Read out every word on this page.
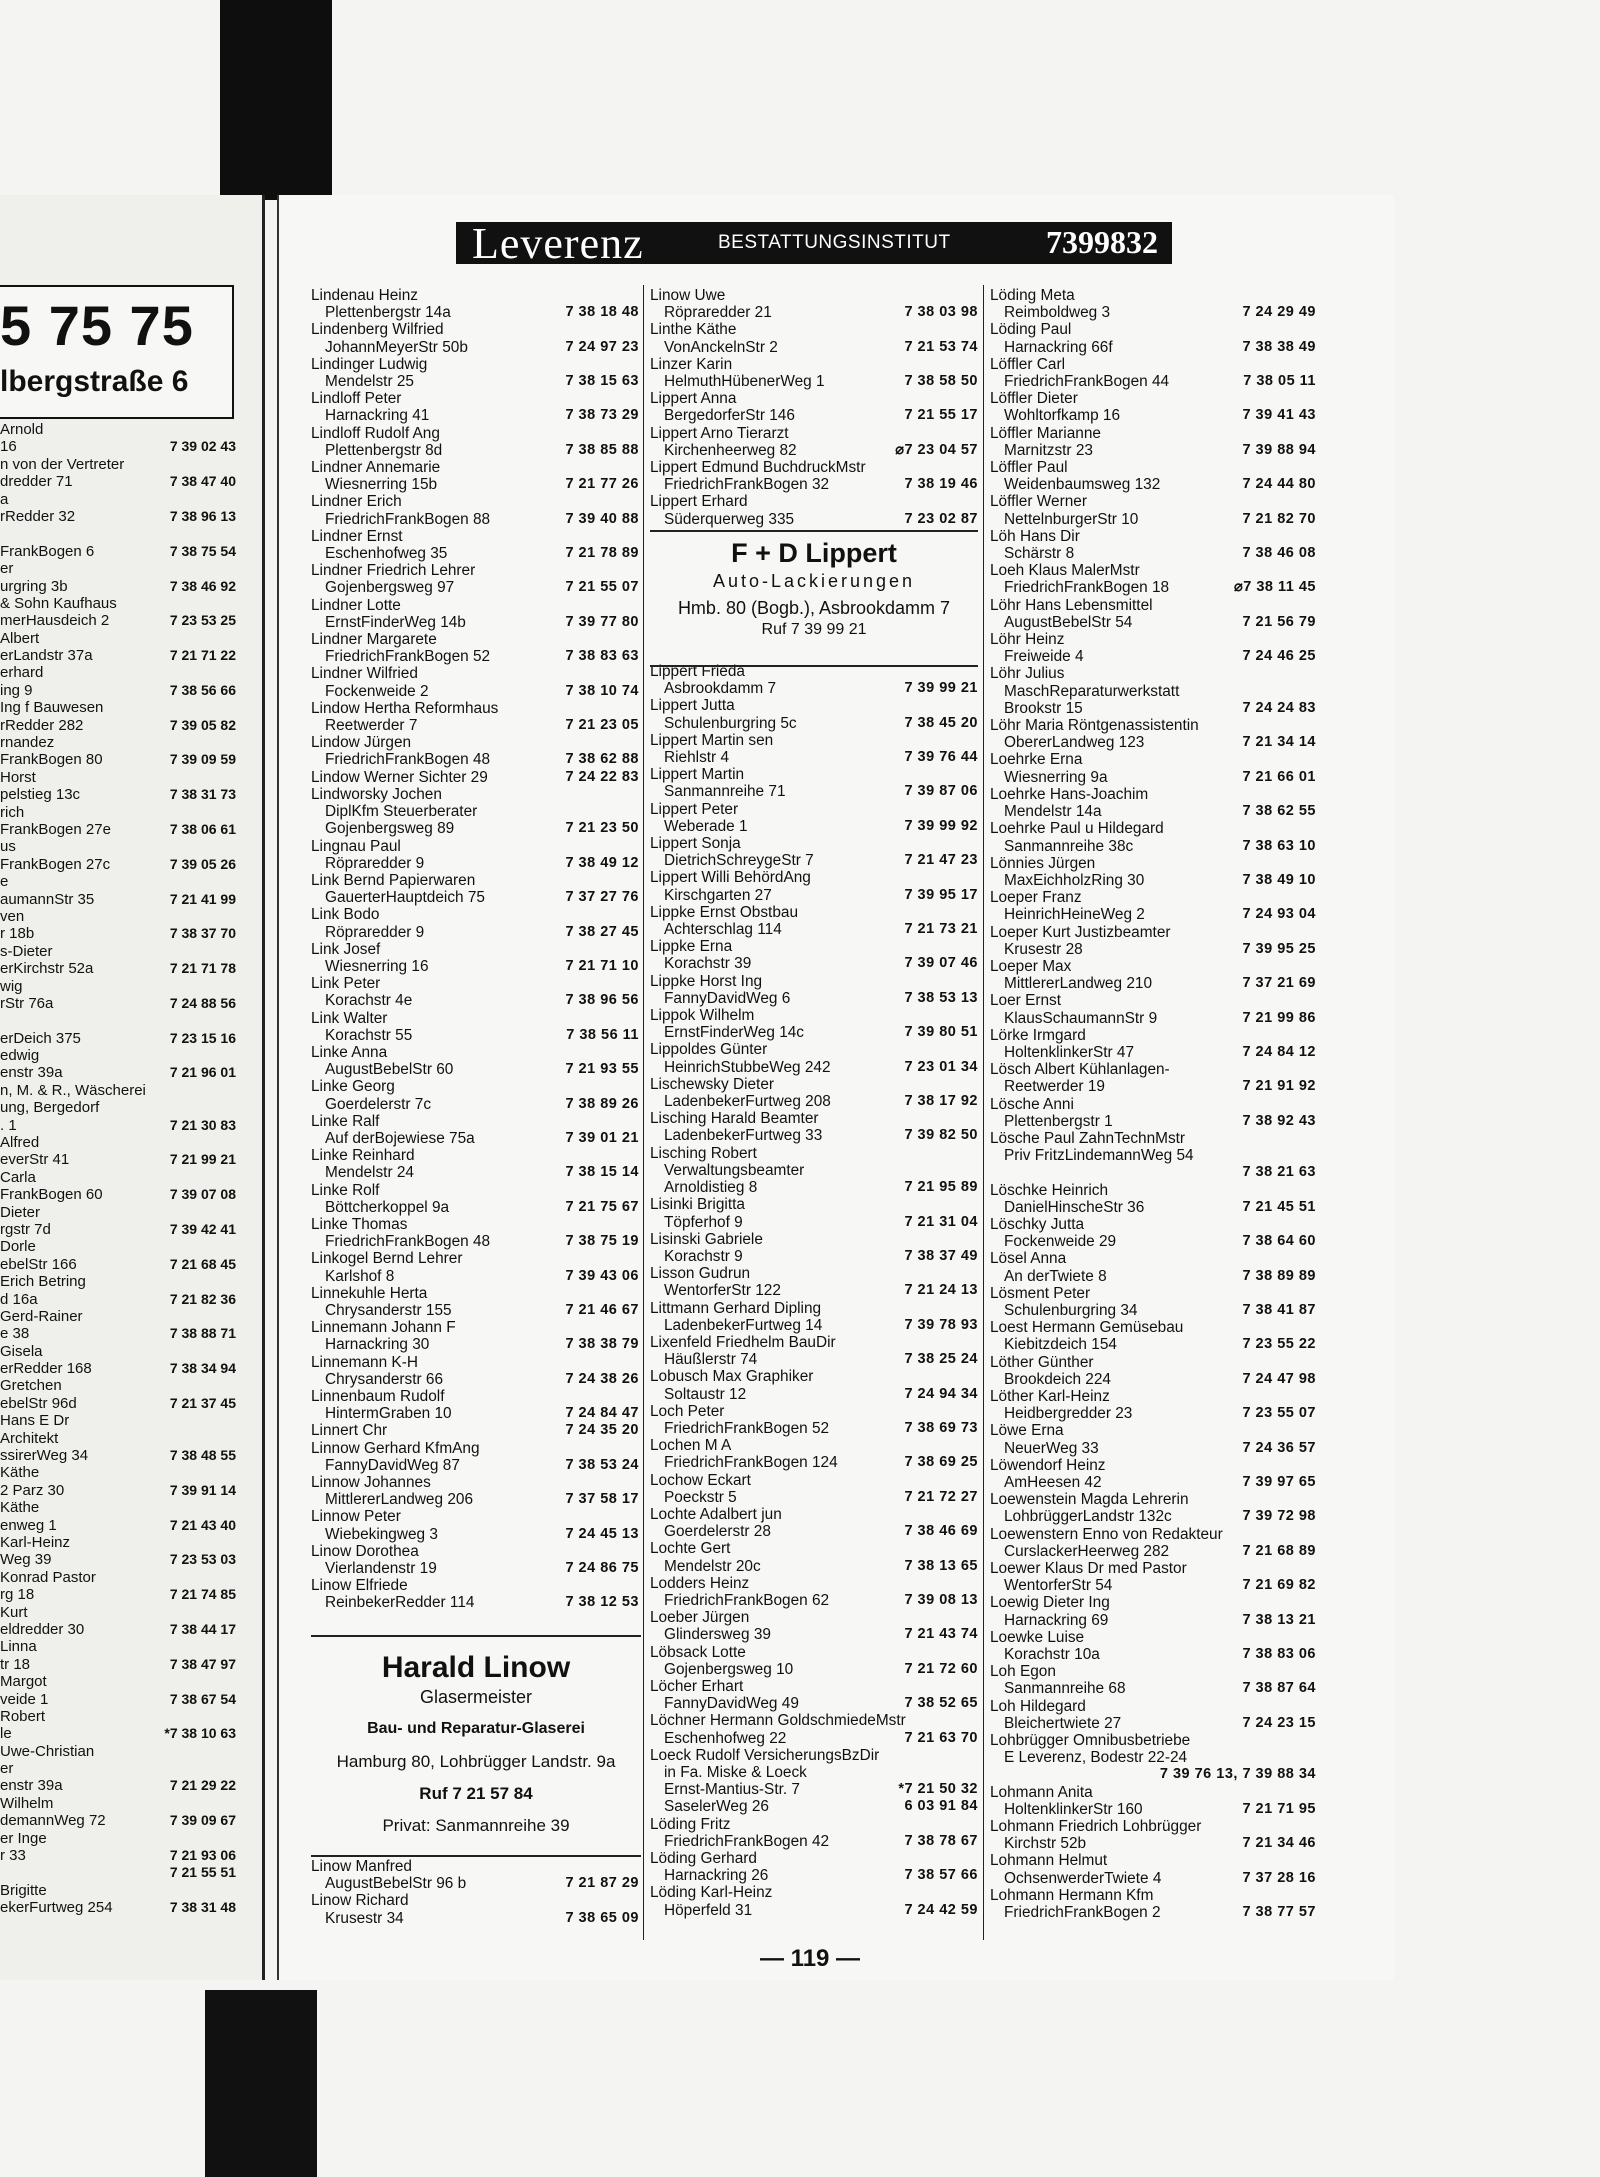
5 75 75
lbergstraße 6
Arnold
16	7 39 02 43
n von der Vertreter
dredder 71	7 38 47 40
a
rRedder 32	7 38 96 13
FrankBogen 6	7 38 75 54
er
urgring 3b	7 38 46 92
& Sohn Kaufhaus
merHausdeich 2	7 23 53 25
Albert
erLandstr 37a	7 21 71 22
erhard
ing 9	7 38 56 66
Ing f Bauwesen
rRedder 282	7 39 05 82
rnandez
FrankBogen 80	7 39 09 59
Horst
pelstieg 13c	7 38 31 73
rich
FrankBogen 27e	7 38 06 61
us
FrankBogen 27c	7 39 05 26
e
aumannStr 35	7 21 41 99
ven
r 18b	7 38 37 70
s-Dieter
erKirchstr 52a	7 21 71 78
wig
rStr 76a	7 24 88 56
erDeich 375	7 23 15 16
edwig
enstr 39a	7 21 96 01
n, M. & R., Wäscherei
ung, Bergedorf
. 1	7 21 30 83
Alfred
everStr 41	7 21 99 21
Carla
FrankBogen 60	7 39 07 08
Dieter
rgstr 7d	7 39 42 41
Dorle
ebelStr 166	7 21 68 45
Erich Betring
d 16a	7 21 82 36
Gerd-Rainer
e 38	7 38 88 71
Gisela
erRedder 168	7 38 34 94
Gretchen
ebelStr 96d	7 21 37 45
Hans E Dr
Architekt
ssirerWeg 34	7 38 48 55
Käthe
2 Parz 30	7 39 91 14
Käthe
enweg 1	7 21 43 40
Karl-Heinz
Weg 39	7 23 53 03
Konrad Pastor
rg 18	7 21 74 85
Kurt
eldredder 30	7 38 44 17
Linna
tr 18	7 38 47 97
Margot
veide 1	7 38 67 54
Robert
le	*7 38 10 63
Uwe-Christian
er
enstr 39a	7 21 29 22
Wilhelm
demannWeg 72	7 39 09 67
er Inge
r 33	7 21 93 06
7 21 55 51
Brigitte
ekerFurtweg 254	7 38 31 48
Leverenz	BESTATTUNGSINSTITUT	7399832
Lindenau Heinz
Plettenbergstr 14a	7 38 18 48
Lindenberg Wilfried
JohannMeyerStr 50b	7 24 97 23
Lindinger Ludwig
Mendelstr 25	7 38 15 63
Lindloff Peter
Harnackring 41	7 38 73 29
Lindloff Rudolf Ang
Plettenbergstr 8d	7 38 85 88
Lindner Annemarie
Wiesnerring 15b	7 21 77 26
Lindner Erich
FriedrichFrankBogen 88	7 39 40 88
Lindner Ernst
Eschenhofweg 35	7 21 78 89
Lindner Friedrich Lehrer
Gojenbergsweg 97	7 21 55 07
Lindner Lotte
ErnstFinderWeg 14b	7 39 77 80
Lindner Margarete
FriedrichFrankBogen 52	7 38 83 63
Lindner Wilfried
Fockenweide 2	7 38 10 74
Lindow Hertha Reformhaus
Reetwerder 7	7 21 23 05
Lindow Jürgen
FriedrichFrankBogen 48	7 38 62 88
Lindow Werner Sichter 29	7 24 22 83
Lindworsky Jochen
DiplKfm Steuerberater
Gojenbergsweg 89	7 21 23 50
Lingnau Paul
Röpraredder 9	7 38 49 12
Link Bernd Papierwaren
GauerterHauptdeich 75	7 37 27 76
Link Bodo
Röpraredder 9	7 38 27 45
Link Josef
Wiesnerring 16	7 21 71 10
Link Peter
Korachstr 4e	7 38 96 56
Link Walter
Korachstr 55	7 38 56 11
Linke Anna
AugustBebelStr 60	7 21 93 55
Linke Georg
Goerdelerstr 7c	7 38 89 26
Linke Ralf
Auf derBojewiese 75a	7 39 01 21
Linke Reinhard
Mendelstr 24	7 38 15 14
Linke Rolf
Böttcherkoppel 9a	7 21 75 67
Linke Thomas
FriedrichFrankBogen 48	7 38 75 19
Linkogel Bernd Lehrer
Karlshof 8	7 39 43 06
Linnekuhle Herta
Chrysanderstr 155	7 21 46 67
Linnemann Johann F
Harnackring 30	7 38 38 79
Linnemann K-H
Chrysanderstr 66	7 24 38 26
Linnenbaum Rudolf
HintermGraben 10	7 24 84 47
Linnert Chr	7 24 35 20
Linnow Gerhard KfmAng
FannyDavidWeg 87	7 38 53 24
Linnow Johannes
MittlererLandweg 206	7 37 58 17
Linnow Peter
Wiebekingweg 3	7 24 45 13
Linow Dorothea
Vierlandenstr 19	7 24 86 75
Linow Elfriede
ReinbekerRedder 114	7 38 12 53
Linow Uwe
Röpraredder 21	7 38 03 98
Linthe Käthe
VonAnckelnStr 2	7 21 53 74
Linzer Karin
HelmuthHübenerWeg 1	7 38 58 50
Lippert Anna
BergedorferStr 146	7 21 55 17
Lippert Arno Tierarzt
Kirchenheerweg 82	⌀7 23 04 57
Lippert Edmund BuchdruckMstr
FriedrichFrankBogen 32	7 38 19 46
Lippert Erhard
Süderquerweg 335	7 23 02 87
Löding Meta
Reimboldweg 3	7 24 29 49
Löding Paul
Harnackring 66f	7 38 38 49
Löffler Carl
FriedrichFrankBogen 44	7 38 05 11
Löffler Dieter
Wohltorfkamp 16	7 39 41 43
Löffler Marianne
Marnitzstr 23	7 39 88 94
Löffler Paul
Weidenbaumsweg 132	7 24 44 80
Löffler Werner
NettelnburgerStr 10	7 21 82 70
Löh Hans Dir
Schärstr 8	7 38 46 08
Loeh Klaus MalerMstr
FriedrichFrankBogen 18	⌀7 38 11 45
Löhr Hans Lebensmittel
AugustBebelStr 54	7 21 56 79
Löhr Heinz
Freiweide 4	7 24 46 25
Löhr Julius
MaschReparaturwerkstatt
Brookstr 15	7 24 24 83
Löhr Maria Röntgenassistentin
ObererLandweg 123	7 21 34 14
Loehrke Erna
Wiesnerring 9a	7 21 66 01
Loehrke Hans-Joachim
Mendelstr 14a	7 38 62 55
Loehrke Paul u Hildegard
Sanmannreihe 38c	7 38 63 10
Lönnies Jürgen
MaxEichholzRing 30	7 38 49 10
Loeper Franz
HeinrichHeineWeg 2	7 24 93 04
Loeper Kurt Justizbeamter
Krusestr 28	7 39 95 25
Loeper Max
MittlererLandweg 210	7 37 21 69
Loer Ernst
KlausSchaumannStr 9	7 21 99 86
Lörke Irmgard
HoltenklinkerStr 47	7 24 84 12
Lösch Albert Kühlanlagen-
Reetwerder 19	7 21 91 92
Lösche Anni
Plettenbergstr 1	7 38 92 43
Lösche Paul ZahnTechnMstr
Priv FritzLindemannWeg 54

7 38 21 63
Löschke Heinrich
DanielHinscheStr 36	7 21 45 51
Löschky Jutta
Fockenweide 29	7 38 64 60
Lösel Anna
An derTwiete 8	7 38 89 89
Lösment Peter
Schulenburgring 34	7 38 41 87
Loest Hermann Gemüsebau
Kiebitzdeich 154	7 23 55 22
Löther Günther
Brookdeich 224	7 24 47 98
Löther Karl-Heinz
Heidbergredder 23	7 23 55 07
Löwe Erna
NeuerWeg 33	7 24 36 57
Löwendorf Heinz
AmHeesen 42	7 39 97 65
Loewenstein Magda Lehrerin
LohbrüggerLandstr 132c	7 39 72 98
Loewenstern Enno von Redakteur
CurslackerHeerweg 282	7 21 68 89
Loewer Klaus Dr med Pastor
WentorferStr 54	7 21 69 82
Loewig Dieter Ing
Harnackring 69	7 38 13 21
Loewke Luise
Korachstr 10a	7 38 83 06
Loh Egon
Sanmannreihe 68	7 38 87 64
Loh Hildegard
Bleichertwiete 27	7 24 23 15
Lohbrügger Omnibusbetriebe
E Leverenz, Bodestr 22-24

7 39 76 13, 7 39 88 34
Lohmann Anita
HoltenklinkerStr 160	7 21 71 95
Lohmann Friedrich Lohbrügger
Kirchstr 52b	7 21 34 46
Lohmann Helmut
OchsenwerderTwiete 4	7 37 28 16
Lohmann Hermann Kfm
FriedrichFrankBogen 2	7 38 77 57
Lippert Frieda
Asbrookdamm 7	7 39 99 21
Lippert Jutta
Schulenburgring 5c	7 38 45 20
Lippert Martin sen
Riehlstr 4	7 39 76 44
Lippert Martin
Sanmannreihe 71	7 39 87 06
Lippert Peter
Weberade 1	7 39 99 92
Lippert Sonja
DietrichSchreygeStr 7	7 21 47 23
Lippert Willi BehördAng
Kirschgarten 27	7 39 95 17
Lippke Ernst Obstbau
Achterschlag 114	7 21 73 21
Lippke Erna
Korachstr 39	7 39 07 46
Lippke Horst Ing
FannyDavidWeg 6	7 38 53 13
Lippok Wilhelm
ErnstFinderWeg 14c	7 39 80 51
Lippoldes Günter
HeinrichStubbeWeg 242	7 23 01 34
Lischewsky Dieter
LadenbekerFurtweg 208	7 38 17 92
Lisching Harald Beamter
LadenbekerFurtweg 33	7 39 82 50
Lisching Robert
Verwaltungsbeamter
Arnoldistieg 8	7 21 95 89
Lisinki Brigitta
Töpferhof 9	7 21 31 04
Lisinski Gabriele
Korachstr 9	7 38 37 49
Lisson Gudrun
WentorferStr 122	7 21 24 13
Littmann Gerhard Dipling
LadenbekerFurtweg 14	7 39 78 93
Lixenfeld Friedhelm BauDir
Häußlerstr 74	7 38 25 24
Lobusch Max Graphiker
Soltaustr 12	7 24 94 34
Loch Peter
FriedrichFrankBogen 52	7 38 69 73
Lochen M A
FriedrichFrankBogen 124	7 38 69 25
Lochow Eckart
Poeckstr 5	7 21 72 27
Lochte Adalbert jun
Goerdelerstr 28	7 38 46 69
Lochte Gert
Mendelstr 20c	7 38 13 65
Lodders Heinz
FriedrichFrankBogen 62	7 39 08 13
Loeber Jürgen
Glindersweg 39	7 21 43 74
Löbsack Lotte
Gojenbergsweg 10	7 21 72 60
Löcher Erhart
FannyDavidWeg 49	7 38 52 65
Löchner Hermann GoldschmiedeMstr
Eschenhofweg 22	7 21 63 70
Loeck Rudolf VersicherungsBzDir
in Fa. Miske & Loeck
Ernst-Mantius-Str. 7	*7 21 50 32
SaselerWeg 26	6 03 91 84
Löding Fritz
FriedrichFrankBogen 42	7 38 78 67
Löding Gerhard
Harnackring 26	7 38 57 66
Löding Karl-Heinz
Höperfeld 31	7 24 42 59
Linow Manfred
AugustBebelStr 96 b	7 21 87 29
Linow Richard
Krusestr 34	7 38 65 09
F + D Lippert
Auto-Lackierungen
Hmb. 80 (Bogb.), Asbrookdamm 7
Ruf 7 39 99 21
Harald Linow
Glasermeister
Bau- und Reparatur-Glaserei
Hamburg 80, Lohbrügger Landstr. 9a
Ruf 7 21 57 84
Privat: Sanmannreihe 39
— 119 —
